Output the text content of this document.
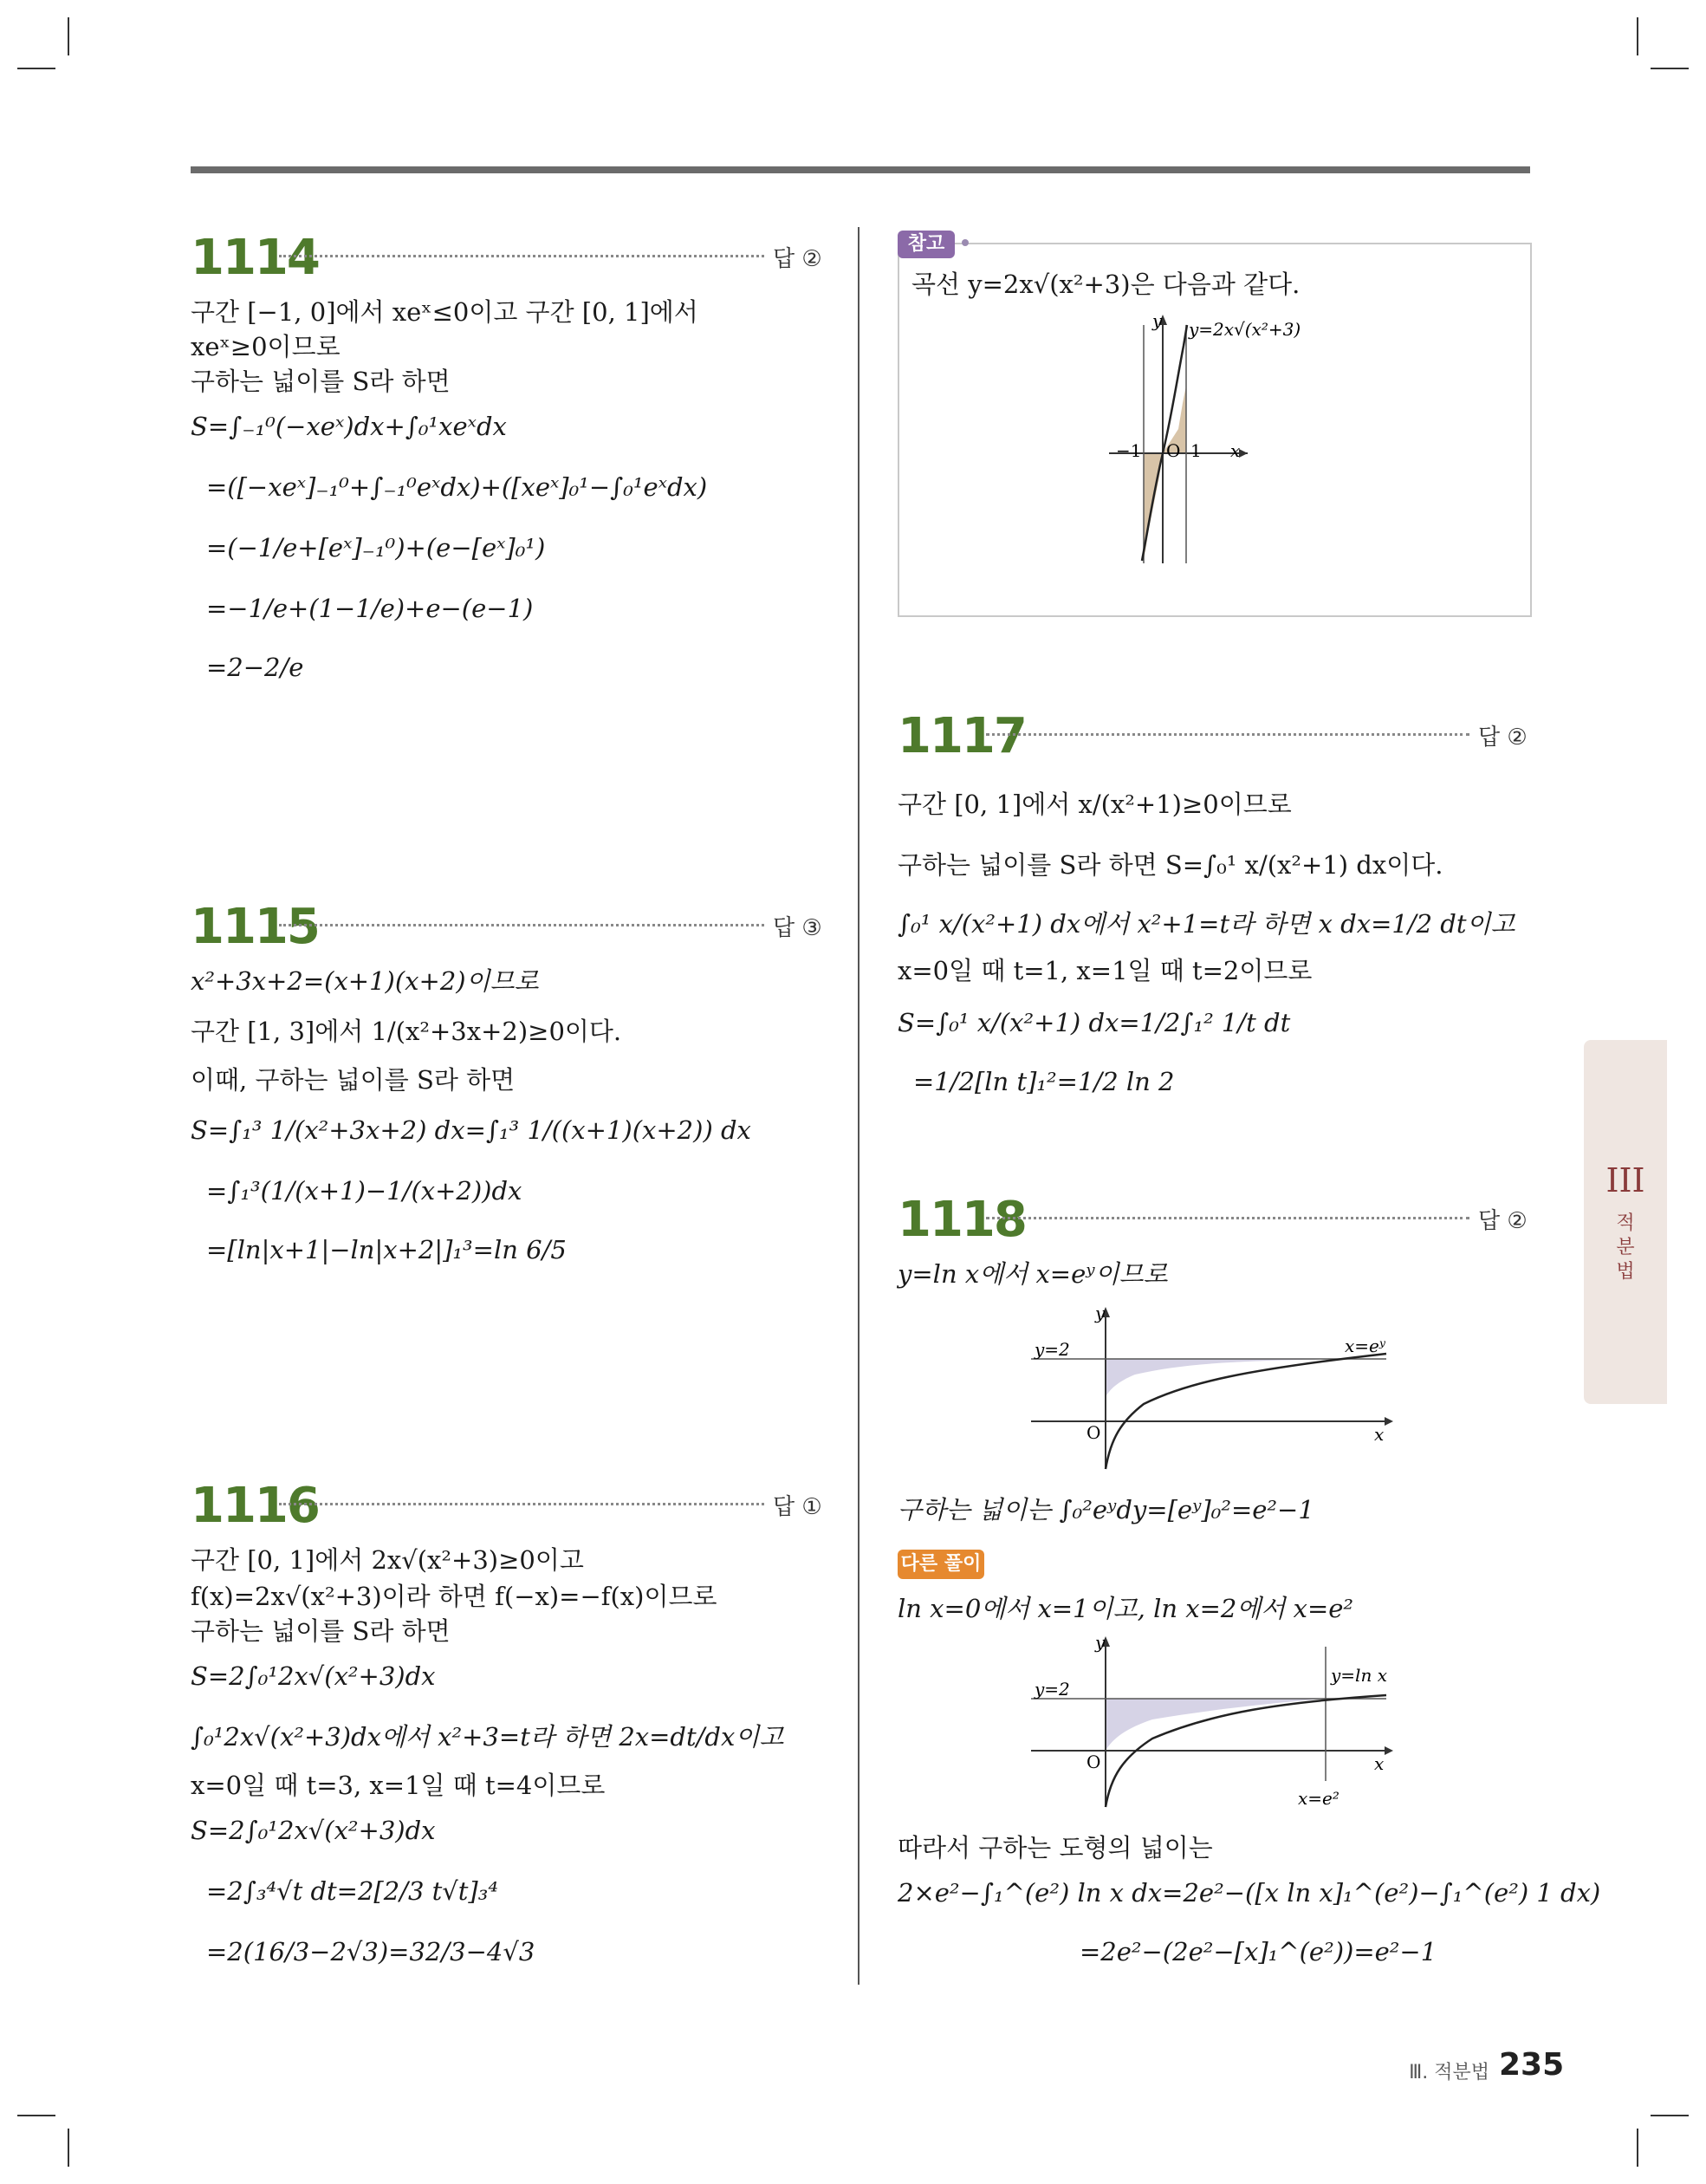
1114	답 ②
구간 [−1, 0]에서 xeˣ≤0이고 구간 [0, 1]에서
xeˣ≥0이므로
구하는 넓이를 S라 하면
S=∫₋₁⁰(−xeˣ)dx+∫₀¹xeˣdx
=([−xeˣ]₋₁⁰+∫₋₁⁰eˣdx)+([xeˣ]₀¹−∫₀¹eˣdx)
=(−1/e+[eˣ]₋₁⁰)+(e−[eˣ]₀¹)
=−1/e+(1−1/e)+e−(e−1)
=2−2/e
1115	답 ③
x²+3x+2=(x+1)(x+2)이므로
구간 [1, 3]에서 1/(x²+3x+2)≥0이다.
이때, 구하는 넓이를 S라 하면
S=∫₁³ 1/(x²+3x+2) dx=∫₁³ 1/((x+1)(x+2)) dx
=∫₁³(1/(x+1)−1/(x+2))dx
=[ln|x+1|−ln|x+2|]₁³=ln 6/5
1116	답 ①
구간 [0, 1]에서 2x√(x²+3)≥0이고
f(x)=2x√(x²+3)이라 하면 f(−x)=−f(x)이므로
구하는 넓이를 S라 하면
S=2∫₀¹2x√(x²+3)dx
∫₀¹2x√(x²+3)dx에서 x²+3=t라 하면 2x=dt/dx이고
x=0일 때 t=3, x=1일 때 t=4이므로
S=2∫₀¹2x√(x²+3)dx
=2∫₃⁴√t dt=2[2/3 t√t]₃⁴
=2(16/3−2√3)=32/3−4√3
참고
곡선 y=2x√(x²+3)은 다음과 같다.
y y=2x√(x²+3)
−1 O 1 x
1117	답 ②
구간 [0, 1]에서 x/(x²+1)≥0이므로
구하는 넓이를 S라 하면 S=∫₀¹ x/(x²+1) dx이다.
∫₀¹ x/(x²+1) dx에서 x²+1=t라 하면 x dx=1/2 dt이고
x=0일 때 t=1, x=1일 때 t=2이므로
S=∫₀¹ x/(x²+1) dx=1/2∫₁² 1/t dt
=1/2[ln t]₁²=1/2 ln 2
1118	답 ②
y=ln x에서 x=eʸ이므로
y
y=2	x=eʸ
O	x
구하는 넓이는 ∫₀²eʸdy=[eʸ]₀²=e²−1
다른 풀이
ln x=0에서 x=1이고, ln x=2에서 x=e²
y
y=2
y=ln x
O	x
x=e²
따라서 구하는 도형의 넓이는
2×e²−∫₁^(e²) ln x dx=2e²−([x ln x]₁^(e²)−∫₁^(e²) 1 dx)
=2e²−(2e²−[x]₁^(e²))=e²−1
III
적
분
법
Ⅲ. 적분법 235
